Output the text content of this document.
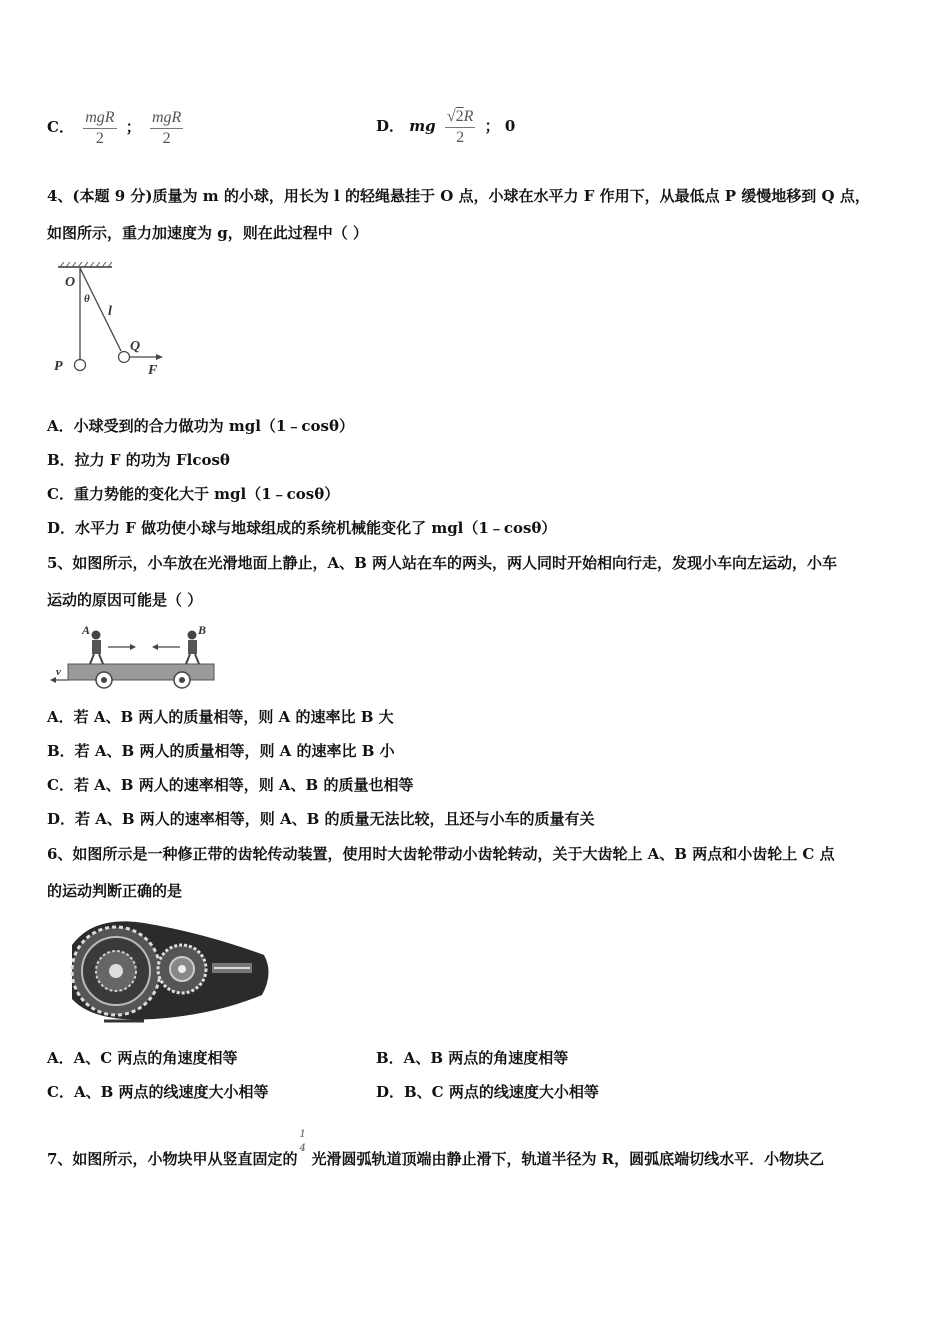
C． $\frac{\text{mgR}}{2}$ ； $\frac{\text{mgR}}{2}$	D． mg $\frac{√2R}{2}$ ； 0
4、(本题 9 分)质量为 m 的小球，用长为 l 的轻绳悬挂于 O 点，小球在水平力 F 作用下，从最低点 P 缓慢地移到 Q 点，
如图所示，重力加速度为 g，则在此过程中（ ）
O
θ
l
P
Q
F
A．小球受到的合力做功为 mgl（1﹣cosθ）
B．拉力 F 的功为 Flcosθ
C．重力势能的变化大于 mgl（1﹣cosθ）
D．水平力 F 做功使小球与地球组成的系统机械能变化了 mgl（1﹣cosθ）
5、如图所示，小车放在光滑地面上静止，A、B 两人站在车的两头，两人同时开始相向行走，发现小车向左运动，小车
运动的原因可能是（ ）
A	B
v
A．若 A、B 两人的质量相等，则 A 的速率比 B 大
B．若 A、B 两人的质量相等，则 A 的速率比 B 小
C．若 A、B 两人的速率相等，则 A、B 的质量也相等
D．若 A、B 两人的速率相等，则 A、B 的质量无法比较，且还与小车的质量有关
6、如图所示是一种修正带的齿轮传动装置，使用时大齿轮带动小齿轮转动，关于大齿轮上 A、B 两点和小齿轮上 C 点
的运动判断正确的是
A．A、C 两点的角速度相等	B．A、B 两点的角速度相等
C．A、B 两点的线速度大小相等	D．B、C 两点的线速度大小相等
7、如图所示，小物块甲从竖直固定的
1
4
光滑圆弧轨道顶端由静止滑下，轨道半径为 R，圆弧底端切线水平．小物块乙
